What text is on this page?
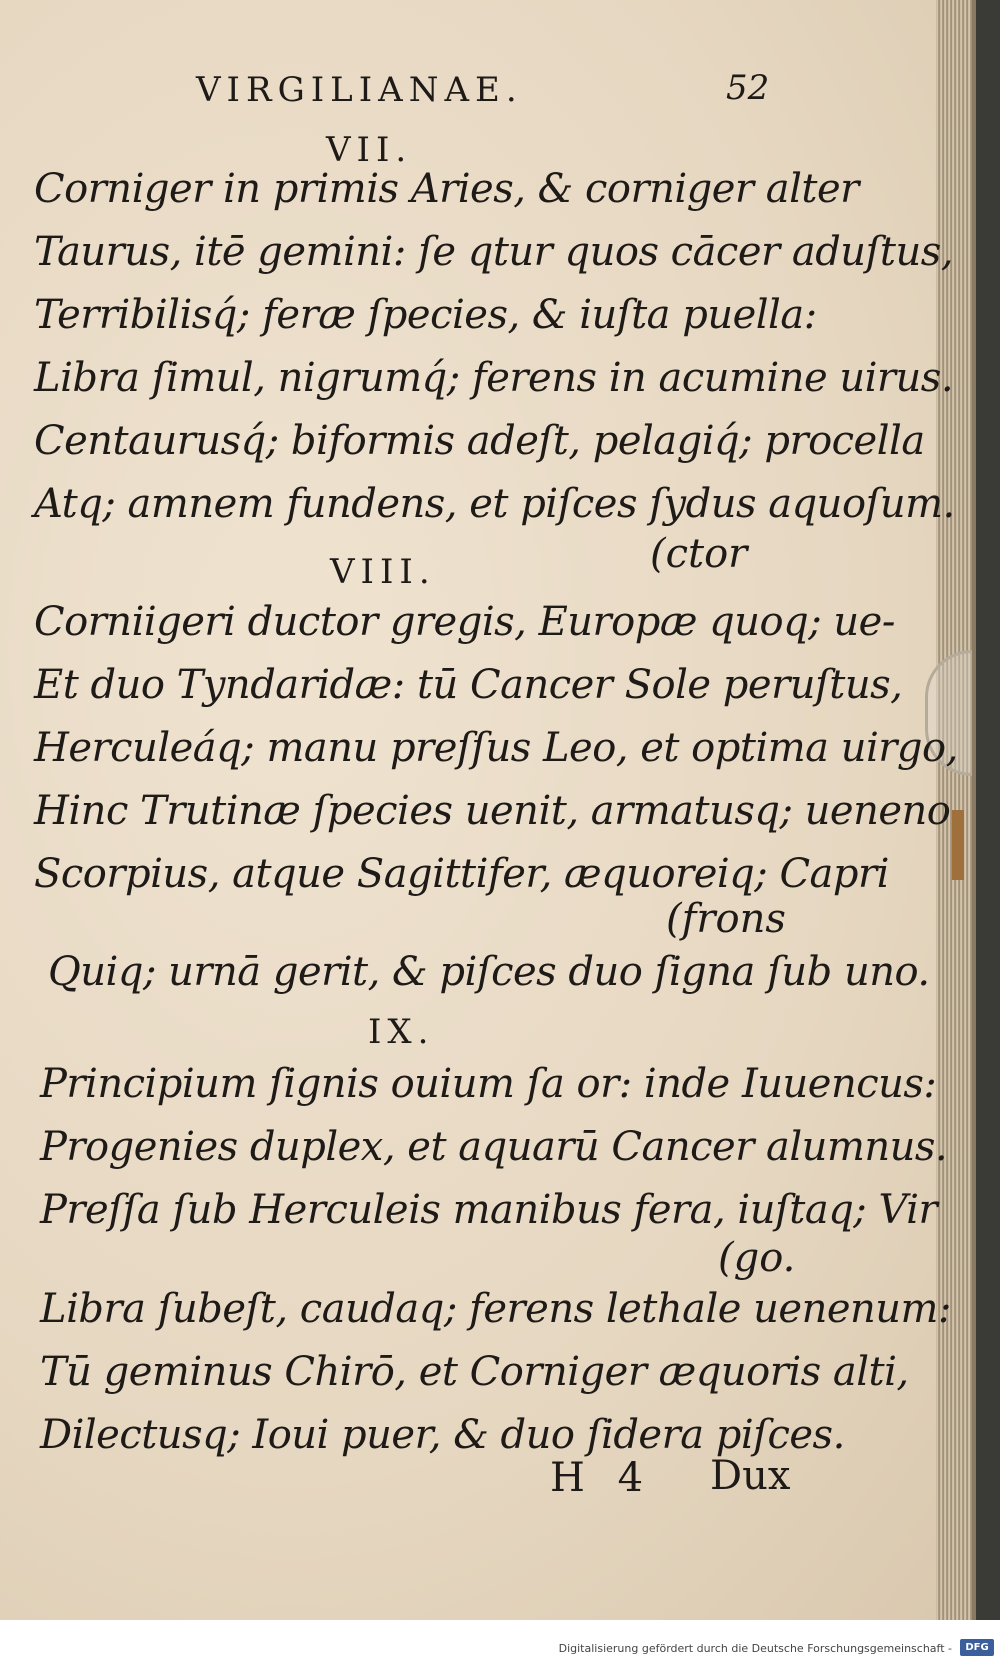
VIRGILIANAE.	52
VII.
Corniger in primis Aries, & corniger alter
Taurus, itē gemini: ſe qtur quos cācer aduſtus,
Terribilisq́; feræ ſpecies, & iuſta puella:
Libra ſimul, nigrumq́; ferens in acumine uirus.
Centaurusq́; biformis adeſt, pelagiq́; procella
Atq; amnem fundens, et piſces ſydus aquoſum.
VIII.	(ctor
Corniigeri ductor gregis, Europæ quoq; ue-
Et duo Tyndaridæ: tū Cancer Sole peruſtus,
Herculeáq; manu preſſus Leo, et optima uirgo,
Hinc Trutinæ ſpecies uenit, armatusq; ueneno
Scorpius, atque Sagittifer, æquoreiq; Capri
(frons
Quiq; urnā gerit, & piſces duo ſigna ſub uno.
IX.
Principium ſignis ouium ſa or: inde Iuuencus:
Progenies duplex, et aquarū Cancer alumnus.
Preſſa ſub Herculeis manibus fera, iuſtaq; Vir
(go.
Libra ſubeſt, caudaq; ferens lethale uenenum:
Tū geminus Chirō, et Corniger æquoris alti,
Dilectusq; Ioui puer, & duo ſidera piſces.
H 4 Dux
Digitalisierung gefördert durch die Deutsche Forschungsgemeinschaft -	DFG
